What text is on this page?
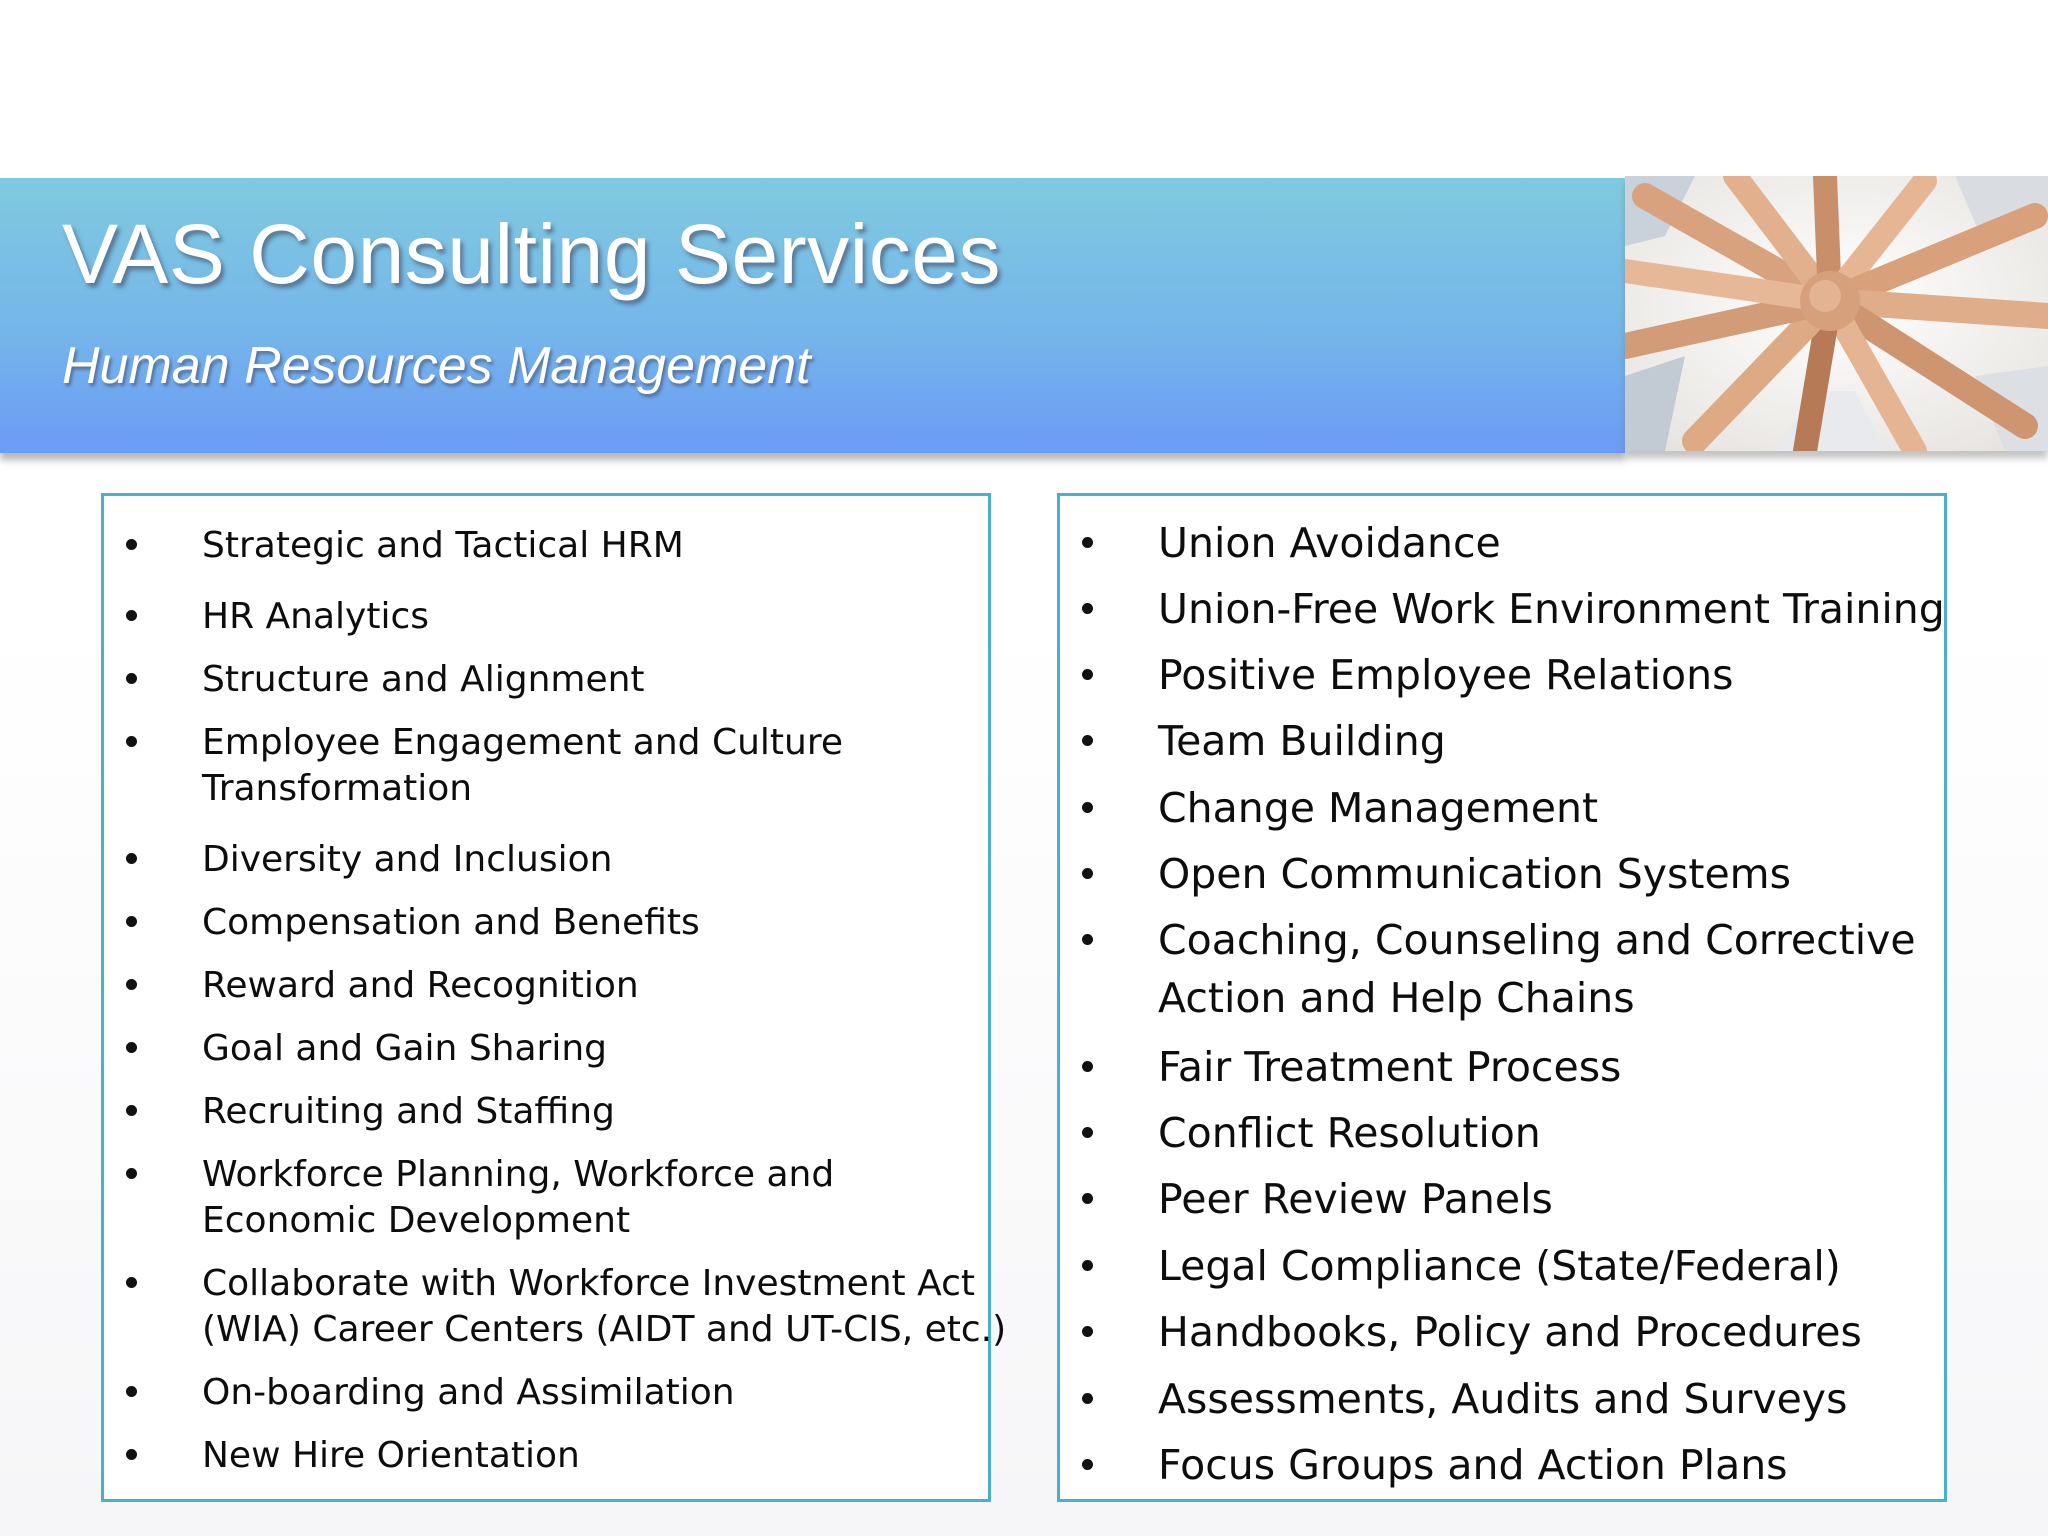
VAS Consulting Services
Human Resources Management
Strategic and Tactical HRM
HR Analytics
Structure and Alignment
Employee Engagement and Culture
Transformation
Diversity and Inclusion
Compensation and Benefits
Reward and Recognition
Goal and Gain Sharing
Recruiting and Staffing
Workforce Planning, Workforce and
Economic Development
Collaborate with Workforce Investment Act
(WIA) Career Centers (AIDT and UT-CIS, etc.)
On-boarding and Assimilation
New Hire Orientation
Union Avoidance
Union-Free Work Environment Training
Positive Employee Relations
Team Building
Change Management
Open Communication Systems
Coaching, Counseling and Corrective
Action and Help Chains
Fair Treatment Process
Conflict Resolution
Peer Review Panels
Legal Compliance (State/Federal)
Handbooks, Policy and Procedures
Assessments, Audits and Surveys
Focus Groups and Action Plans
